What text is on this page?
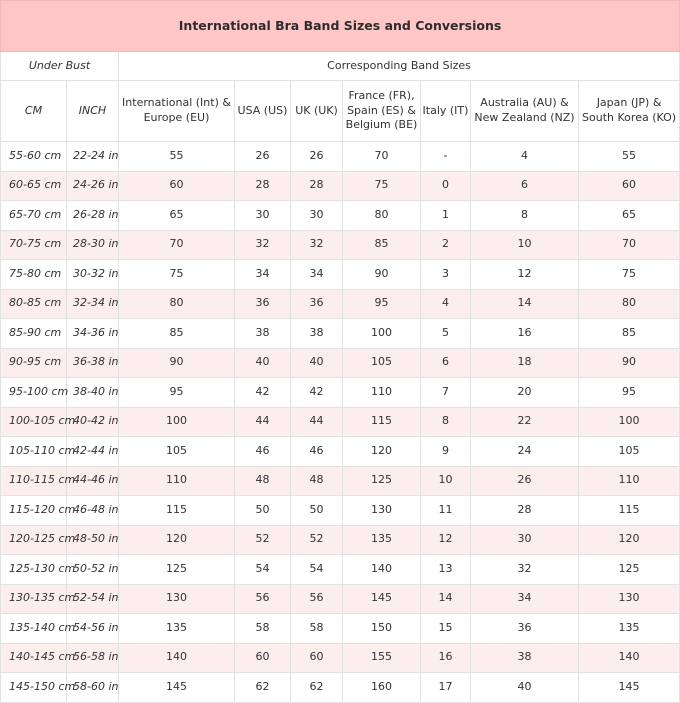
International Bra Band Sizes and Conversions								
Under Bust		Corresponding Band Sizes						
CM	INCH	International (Int) & Europe (EU)	USA (US)	UK (UK)	France (FR), Spain (ES) & Belgium (BE)	Italy (IT)	Australia (AU) & New Zealand (NZ)	Japan (JP) & South Korea (KO)
55-60 cm	22-24 in	55	26	26	70	-	4	55
60-65 cm	24-26 in	60	28	28	75	0	6	60
65-70 cm	26-28 in	65	30	30	80	1	8	65
70-75 cm	28-30 in	70	32	32	85	2	10	70
75-80 cm	30-32 in	75	34	34	90	3	12	75
80-85 cm	32-34 in	80	36	36	95	4	14	80
85-90 cm	34-36 in	85	38	38	100	5	16	85
90-95 cm	36-38 in	90	40	40	105	6	18	90
95-100 cm	38-40 in	95	42	42	110	7	20	95
100-105 cm	40-42 in	100	44	44	115	8	22	100
105-110 cm	42-44 in	105	46	46	120	9	24	105
110-115 cm	44-46 in	110	48	48	125	10	26	110
115-120 cm	46-48 in	115	50	50	130	11	28	115
120-125 cm	48-50 in	120	52	52	135	12	30	120
125-130 cm	50-52 in	125	54	54	140	13	32	125
130-135 cm	52-54 in	130	56	56	145	14	34	130
135-140 cm	54-56 in	135	58	58	150	15	36	135
140-145 cm	56-58 in	140	60	60	155	16	38	140
145-150 cm	58-60 in	145	62	62	160	17	40	145
